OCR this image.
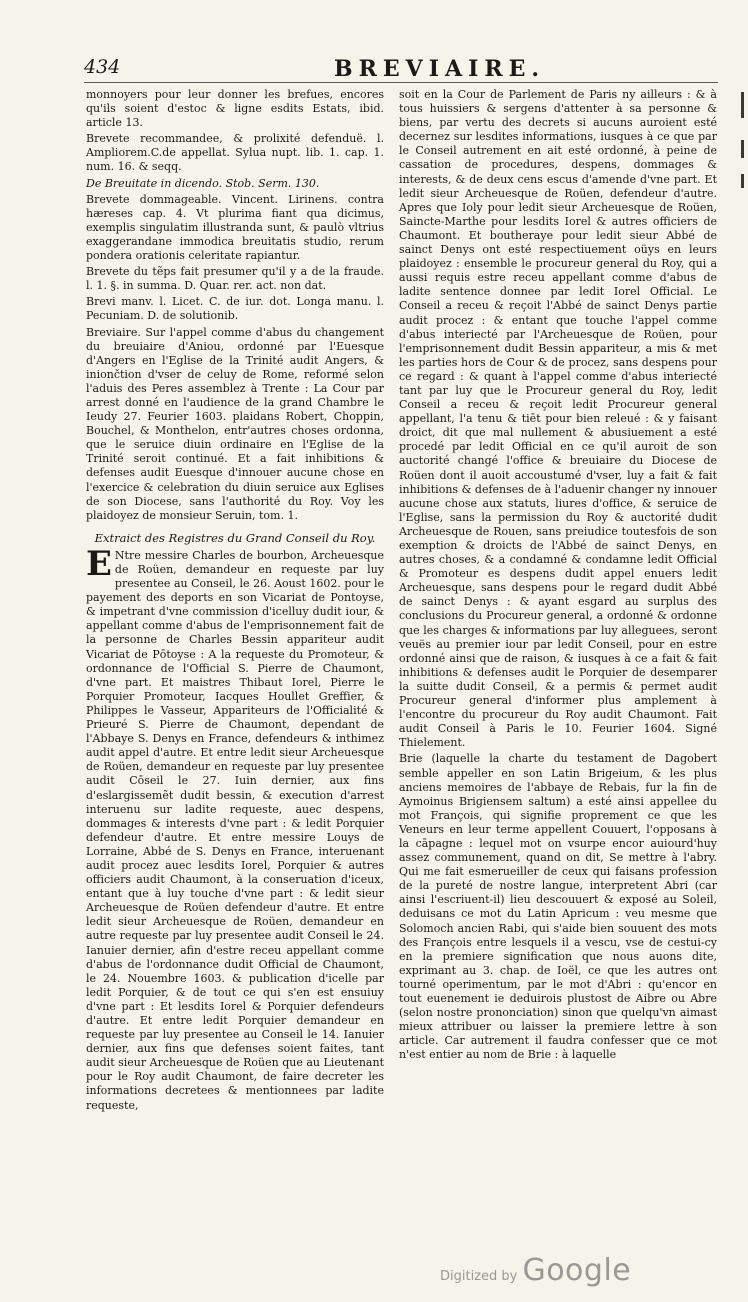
434	BREVIAIRE.

monnoyers pour leur donner les brefues, encores qu'ils soient d'estoc & ligne esdits Estats, ibid. article 13.

Brevete recommandee, & prolixité defenduë. l. Ampliorem.C.de appellat. Sylua nupt. lib. 1. cap. 1. num. 16. & seqq.

De Breuitate in dicendo. Stob. Serm. 130.

Brevete dommageable. Vincent. Lirinens. contra hæreses cap. 4. Vt plurima fiant qua dicimus, exemplis singulatim illustranda sunt, & paulò vltrius exaggerandane immodica breuitatis studio, rerum pondera orationis celeritate rapiantur.

Brevete du tẽps fait presumer qu'il y a de la fraude. l. 1. §. in summa. D. Quar. rer. act. non dat.

Brevi manv. l. Licet. C. de iur. dot. Longa manu. l. Pecuniam. D. de solutionib.

Breviaire. Sur l'appel comme d'abus du changement du breuiaire d'Aniou, ordonné par l'Euesque d'Angers en l'Eglise de la Trinité audit Angers, & iniončtion d'vser de celuy de Rome, reformé selon l'aduis des Peres assemblez à Trente : La Cour par arrest donné en l'audience de la grand Chambre le Ieudy 27. Feurier 1603. plaidans Robert, Choppin, Bouchel, & Monthelon, entr'autres choses ordonna, que le seruice diuin ordinaire en l'Eglise de la Trinité seroit continué. Et a fait inhibitions & defenses audit Euesque d'innouer aucune chose en l'exercice & celebration du diuin seruice aux Eglises de son Diocese, sans l'authorité du Roy. Voy les plaidoyez de monsieur Seruin, tom. 1.

Extraict des Registres du Grand Conseil du Roy.

E Ntre messire Charles de bourbon, Archeuesque de Roüen, demandeur en requeste par luy presentee au Conseil, le 26. Aoust 1602. pour le payement des deports en son Vicariat de Pontoyse, & impetrant d'vne commission d'icelluy dudit iour, & appellant comme d'abus de l'emprisonnement fait de la personne de Charles Bessin appariteur audit Vicariat de Pōtoyse : A la requeste du Promoteur, & ordonnance de l'Official S. Pierre de Chaumont, d'vne part. Et maistres Thibaut Iorel, Pierre le Porquier Promoteur, Iacques Houllet Greffier, & Philippes le Vasseur, Appariteurs de l'Officialité & Prieuré S. Pierre de Chaumont, dependant de l'Abbaye S. Denys en France, defendeurs & inthimez audit appel d'autre. Et entre ledit sieur Archeuesque de Roüen, demandeur en requeste par luy presentee audit Cōseil le 27. Iuin dernier, aux fins d'eslargissemẽt dudit bessin, & execution d'arrest interuenu sur ladite requeste, auec despens, dommages & interests d'vne part : & ledit Porquier defendeur d'autre. Et entre messire Louys de Lorraine, Abbé de S. Denys en France, interuenant audit procez auec lesdits Iorel, Porquier & autres officiers audit Chaumont, à la conseruation d'iceux, entant que à luy touche d'vne part : & ledit sieur Archeuesque de Roüen defendeur d'autre. Et entre ledit sieur Archeuesque de Roüen, demandeur en autre requeste par luy presentee audit Conseil le 24. Ianuier dernier, afin d'estre receu appellant comme d'abus de l'ordonnance dudit Official de Chaumont, le 24. Nouembre 1603. & publication d'icelle par ledit Porquier, & de tout ce qui s'en est ensuiuy d'vne part : Et lesdits Iorel & Porquier defendeurs d'autre. Et entre ledit Porquier demandeur en requeste par luy presentee au Conseil le 14. Ianuier dernier, aux fins que defenses soient faites, tant audit sieur Archeuesque de Roüen que au Lieutenant pour le Roy audit Chaumont, de faire decreter les informations decretees & mentionnees par ladite requeste,

soit en la Cour de Parlement de Paris ny ailleurs : & à tous huissiers & sergens d'attenter à sa personne & biens, par vertu des decrets si aucuns auroient esté decernez sur lesdites informations, iusques à ce que par le Conseil autrement en ait esté ordonné, à peine de cassation de procedures, despens, dommages & interests, & de deux cens escus d'amende d'vne part. Et ledit sieur Archeuesque de Roüen, defendeur d'autre. Apres que Ioly pour ledit sieur Archeuesque de Roüen, Saincte-Marthe pour lesdits Iorel & autres officiers de Chaumont. Et boutheraye pour ledit sieur Abbé de sainct Denys ont esté respectiuement oüys en leurs plaidoyez : ensemble le procureur general du Roy, qui a aussi requis estre receu appellant comme d'abus de ladite sentence donnee par ledit Iorel Official. Le Conseil a receu & reçoit l'Abbé de sainct Denys partie audit procez : & entant que touche l'appel comme d'abus interiecté par l'Archeuesque de Roüen, pour l'emprisonnement dudit Bessin appariteur, a mis & met les parties hors de Cour & de procez, sans despens pour ce regard : & quant à l'appel comme d'abus interiecté tant par luy que le Procureur general du Roy, ledit Conseil a receu & reçoit ledit Procureur general appellant, l'a tenu & tiēt pour bien releué : & y faisant droict, dit que mal nullement & abusiuement a esté procedé par ledit Official en ce qu'il auroit de son auctorité changé l'office & breuiaire du Diocese de Roüen dont il auoit accoustumé d'vser, luy a fait & fait inhibitions & defenses de à l'aduenir changer ny innouer aucune chose aux statuts, liures d'office, & seruice de l'Eglise, sans la permission du Roy & auctorité dudit Archeuesque de Rouen, sans preiudice toutesfois de son exemption & droicts de l'Abbé de sainct Denys, en autres choses, & a condamné & condamne ledit Official & Promoteur es despens dudit appel enuers ledit Archeuesque, sans despens pour le regard dudit Abbé de sainct Denys : & ayant esgard au surplus des conclusions du Procureur general, a ordonné & ordonne que les charges & informations par luy alleguees, seront veuës au premier iour par ledit Conseil, pour en estre ordonné ainsi que de raison, & iusques à ce a fait & fait inhibitions & defenses audit le Porquier de desemparer la suitte dudit Conseil, & a permis & permet audit Procureur general d'informer plus amplement à l'encontre du procureur du Roy audit Chaumont. Fait audit Conseil à Paris le 10. Feurier 1604. Signé Thielement.

Brie (laquelle la charte du testament de Dagobert semble appeller en son Latin Brigeium, & les plus anciens memoires de l'abbaye de Rebais, fur la fin de Aymoinus Brigiensem saltum) a esté ainsi appellee du mot François, qui signifie proprement ce que les Veneurs en leur terme appellent Couuert, l'opposans à la cāpagne : lequel mot on vsurpe encor auiourd'huy assez communement, quand on dit, Se mettre à l'abry. Qui me fait esmerueiller de ceux qui faisans profession de la pureté de nostre langue, interpretent Abri (car ainsi l'escriuent-il) lieu descouuert & exposé au Soleil, deduisans ce mot du Latin Apricum : veu mesme que Solomoch ancien Rabi, qui s'aide bien souuent des mots des François entre lesquels il a vescu, vse de cestui-cy en la premiere signification que nous auons dite, exprimant au 3. chap. de Ioël, ce que les autres ont tourné operimentum, par le mot d'Abri : qu'encor en tout euenement ie deduirois plustost de Aibre ou Abre (selon nostre prononciation) sinon que quelqu'vn aimast mieux attribuer ou laisser la premiere lettre à son article. Car autrement il faudra confesser que ce mot n'est entier au nom de Brie : à laquelle

Digitized by Google
